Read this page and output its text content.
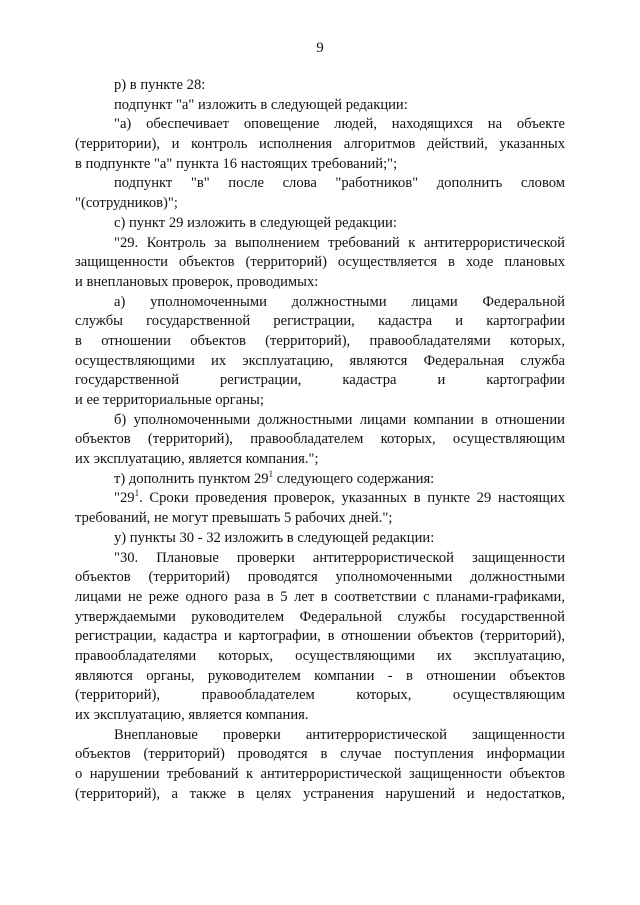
9
р) в пункте 28:
подпункт "а" изложить в следующей редакции:
"а) обеспечивает оповещение людей, находящихся на объекте
(территории), и контроль исполнения алгоритмов действий, указанных
в подпункте "а" пункта 16 настоящих требований;";
подпункт "в" после слова "работников" дополнить словом
"(сотрудников)";
с) пункт 29 изложить в следующей редакции:
"29. Контроль за выполнением требований к антитеррористической
защищенности объектов (территорий) осуществляется в ходе плановых
и внеплановых проверок, проводимых:
а) уполномоченными должностными лицами Федеральной
службы государственной регистрации, кадастра и картографии
в отношении объектов (территорий), правообладателями которых,
осуществляющими их эксплуатацию, являются Федеральная служба
государственной регистрации, кадастра и картографии
и ее территориальные органы;
б) уполномоченными должностными лицами компании в отношении
объектов (территорий), правообладателем которых, осуществляющим
их эксплуатацию, является компания.";
т) дополнить пунктом $29^1$ следующего содержания:
"$29^1$. Сроки проведения проверок, указанных в пункте 29 настоящих
требований, не могут превышать 5 рабочих дней.";
у) пункты 30 - 32 изложить в следующей редакции:
"30. Плановые проверки антитеррористической защищенности
объектов (территорий) проводятся уполномоченными должностными
лицами не реже одного раза в 5 лет в соответствии с планами-графиками,
утверждаемыми руководителем Федеральной службы государственной
регистрации, кадастра и картографии, в отношении объектов (территорий),
правообладателями которых, осуществляющими их эксплуатацию,
являются органы, руководителем компании - в отношении объектов
(территорий), правообладателем которых, осуществляющим
их эксплуатацию, является компания.
Внеплановые проверки антитеррористической защищенности
объектов (территорий) проводятся в случае поступления информации
о нарушении требований к антитеррористической защищенности объектов
(территорий), а также в целях устранения нарушений и недостатков,
